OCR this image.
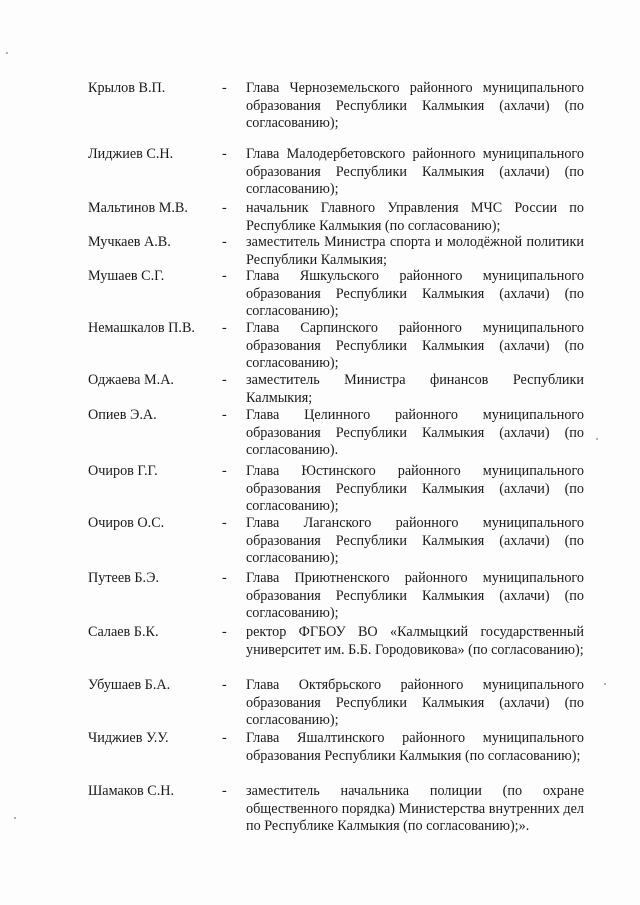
Крылов В.П.	-	Глава Черноземельского районного муниципального образования Республики Калмыкия (ахлачи) (по согласованию);
Лиджиев С.Н.	-	Глава Малодербетовского районного муниципального образования Республики Калмыкия (ахлачи) (по согласованию);
Мальтинов М.В.	-	начальник Главного Управления МЧС России по Республике Калмыкия (по согласованию);
Мучкаев А.В.	-	заместитель Министра спорта и молодёжной политики Республики Калмыкия;
Мушаев С.Г.	-	Глава Яшкульского районного муниципального образования Республики Калмыкия (ахлачи) (по согласованию);
Немашкалов П.В.	-	Глава Сарпинского районного муниципального образования Республики Калмыкия (ахлачи) (по согласованию);
Оджаева М.А.	-	заместитель Министра финансов Республики Калмыкия;
Опиев Э.А.	-	Глава Целинного районного муниципального образования Республики Калмыкия (ахлачи) (по согласованию).
Очиров Г.Г.	-	Глава Юстинского районного муниципального образования Республики Калмыкия (ахлачи) (по согласованию);
Очиров О.С.	-	Глава Лаганского районного муниципального образования Республики Калмыкия (ахлачи) (по согласованию);
Путеев Б.Э.	-	Глава Приютненского районного муниципального образования Республики Калмыкия (ахлачи) (по согласованию);
Салаев Б.К.	-	ректор ФГБОУ ВО «Калмыцкий государственный университет им. Б.Б. Городовикова» (по согласованию);
Убушаев Б.А.	-	Глава Октябрьского районного муниципального образования Республики Калмыкия (ахлачи) (по согласованию);
Чиджиев У.У.	-	Глава Яшалтинского районного муниципального образования Республики Калмыкия (по согласованию);
Шамаков С.Н.	-	заместитель начальника полиции (по охране общественного порядка) Министерства внутренних дел по Республике Калмыкия (по согласованию);».
